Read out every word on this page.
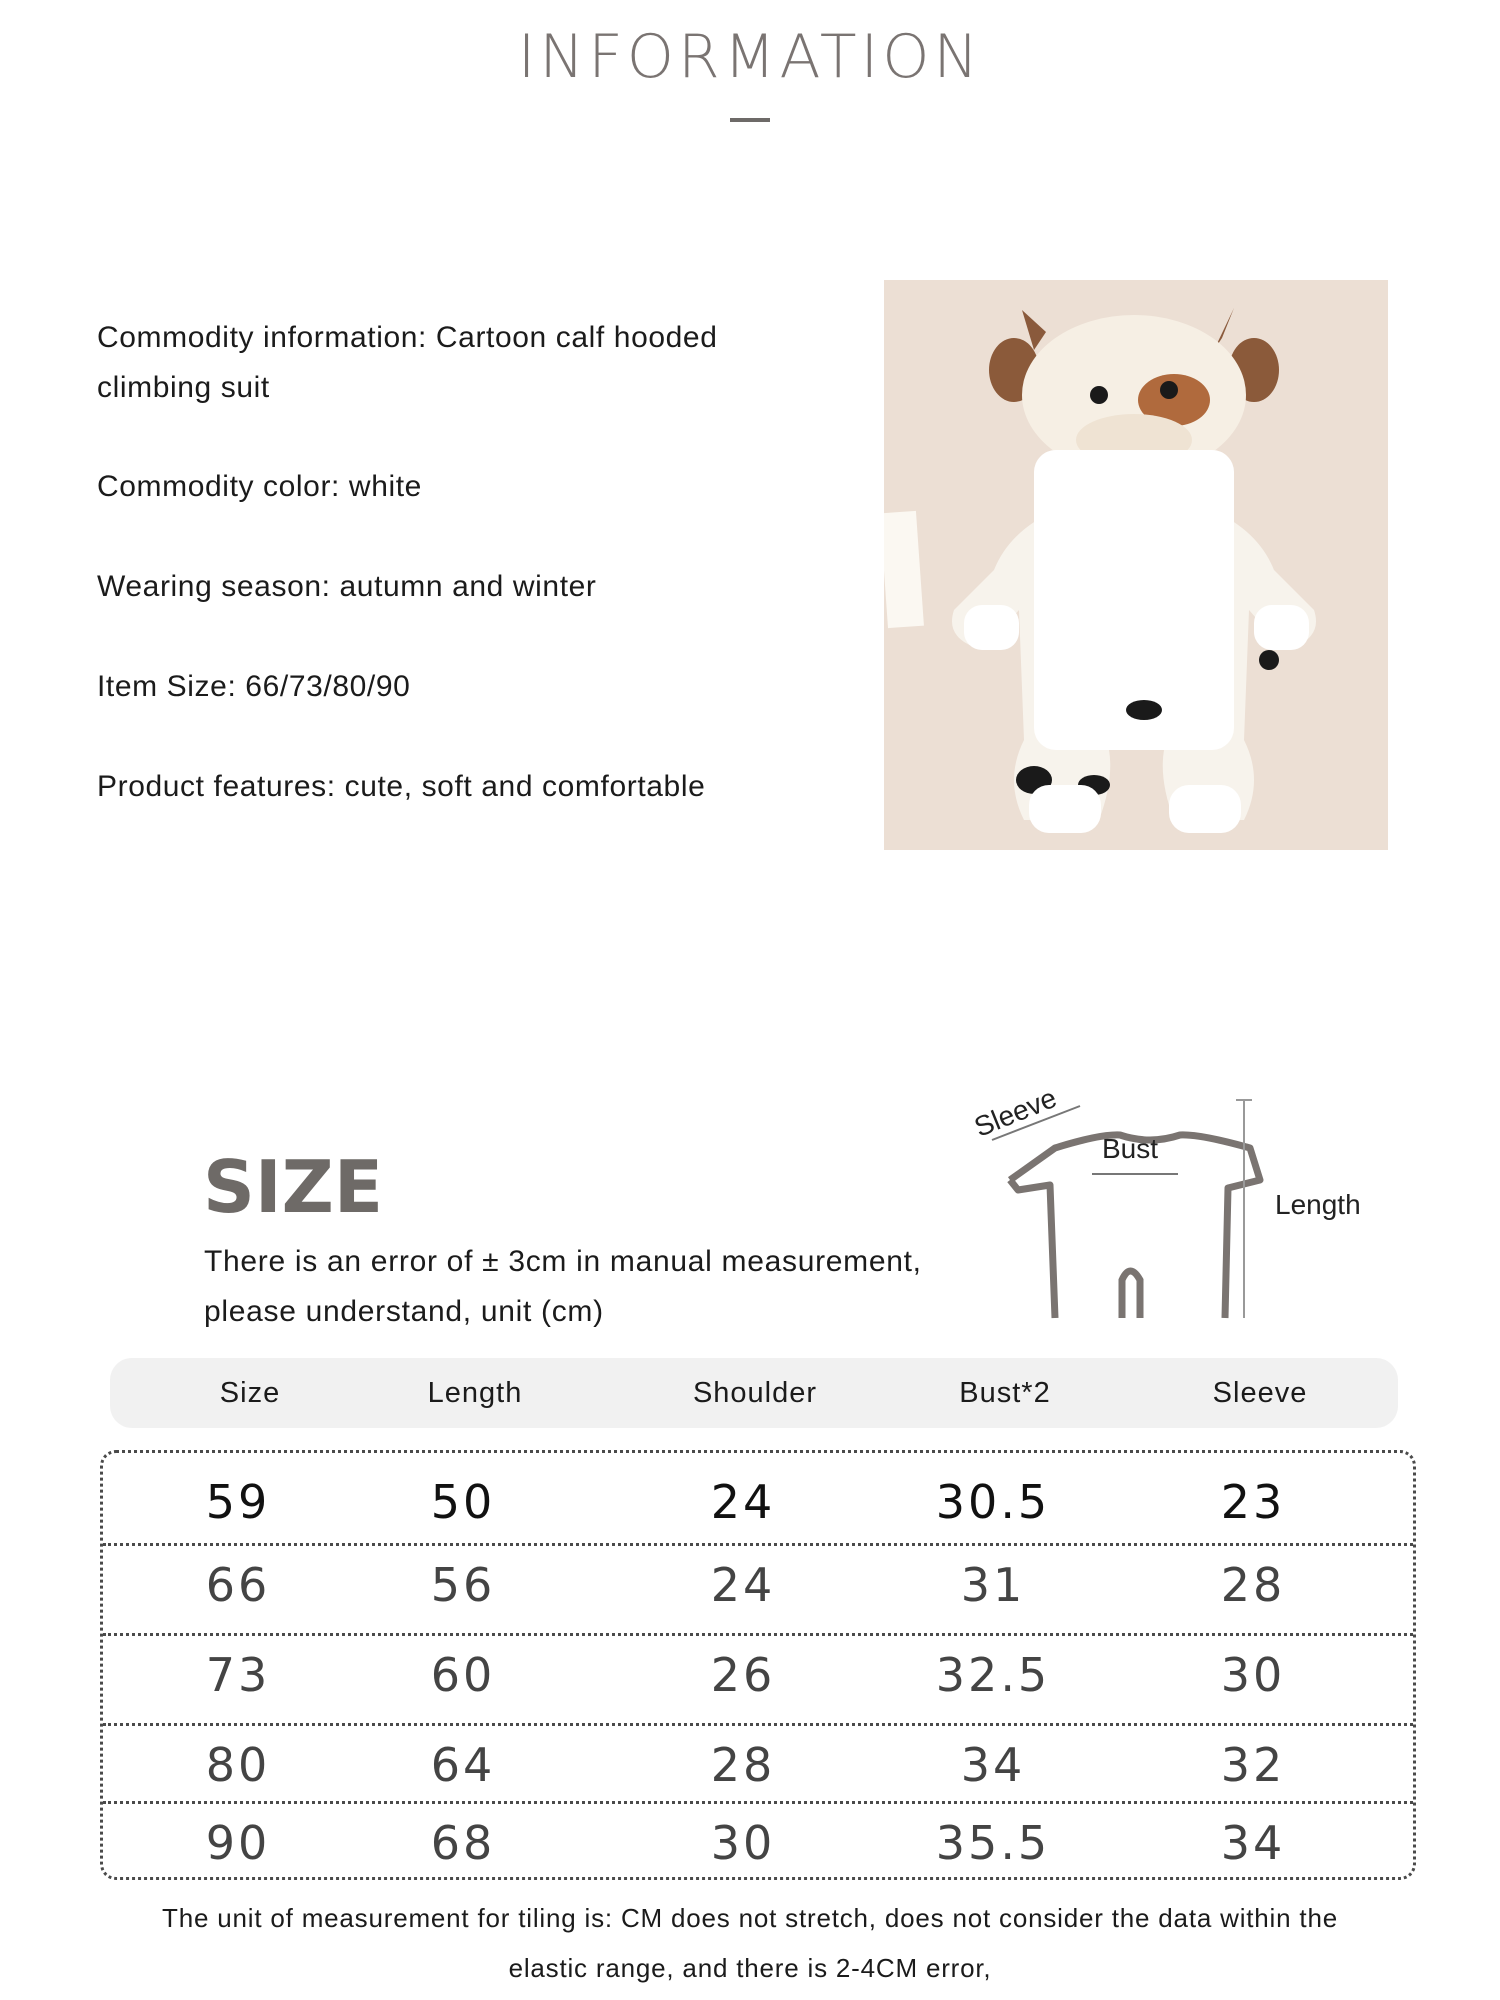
INFORMATION
Commodity information: Cartoon calf hooded
climbing suit
Commodity color: white
Wearing season: autumn and winter
Item Size: 66/73/80/90
Product features: cute, soft and comfortable
SIZE
There is an error of ± 3cm in manual measurement,
please understand, unit (cm)
Sleeve
Bust
Length
Size	Length	Shoulder	Bust*2	Sleeve
59	50	24	30.5	23
66	56	24	31	28
73	60	26	32.5	30
80	64	28	34	32
90	68	30	35.5	34
The unit of measurement for tiling is: CM does not stretch, does not consider the data within the
elastic range, and there is 2-4CM error,
